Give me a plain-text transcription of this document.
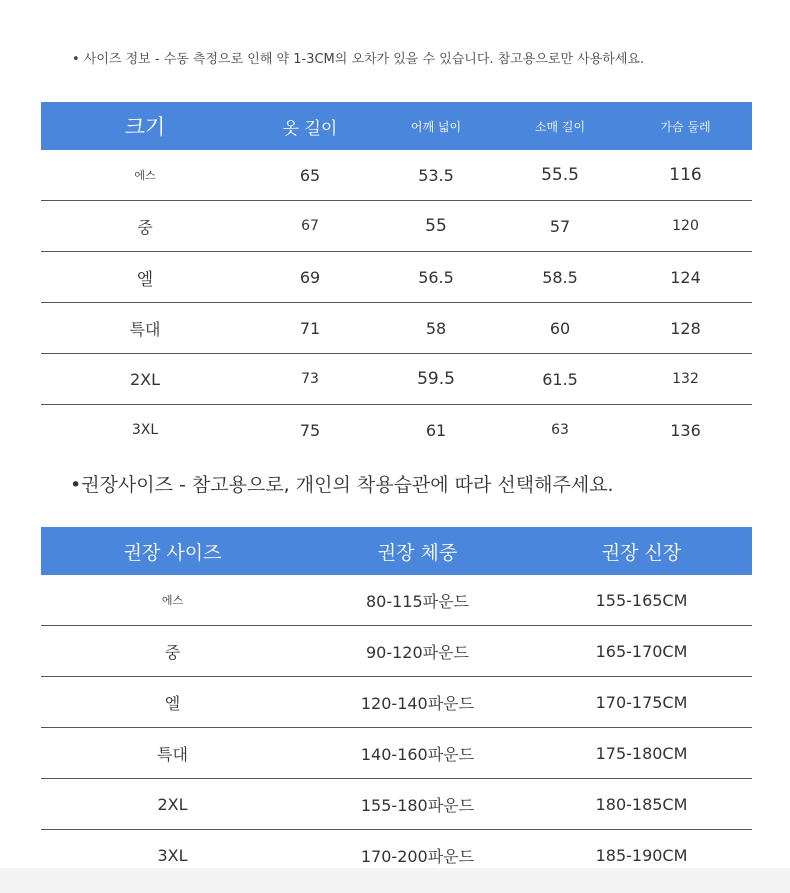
• 사이즈 정보 - 수동 측정으로 인해 약 1-3CM의 오차가 있을 수 있습니다. 참고용으로만 사용하세요.
크기	옷 길이	어깨 넓이	소매 길이	가슴 둘레
에스	65	53.5	55.5	116
중	67	55	57	120
엘	69	56.5	58.5	124
특대	71	58	60	128
2XL	73	59.5	61.5	132
3XL	75	61	63	136
•권장사이즈 - 참고용으로, 개인의 착용습관에 따라 선택해주세요.
권장 사이즈	권장 체중	권장 신장
에스	80-115파운드	155-165CM
중	90-120파운드	165-170CM
엘	120-140파운드	170-175CM
특대	140-160파운드	175-180CM
2XL	155-180파운드	180-185CM
3XL	170-200파운드	185-190CM
